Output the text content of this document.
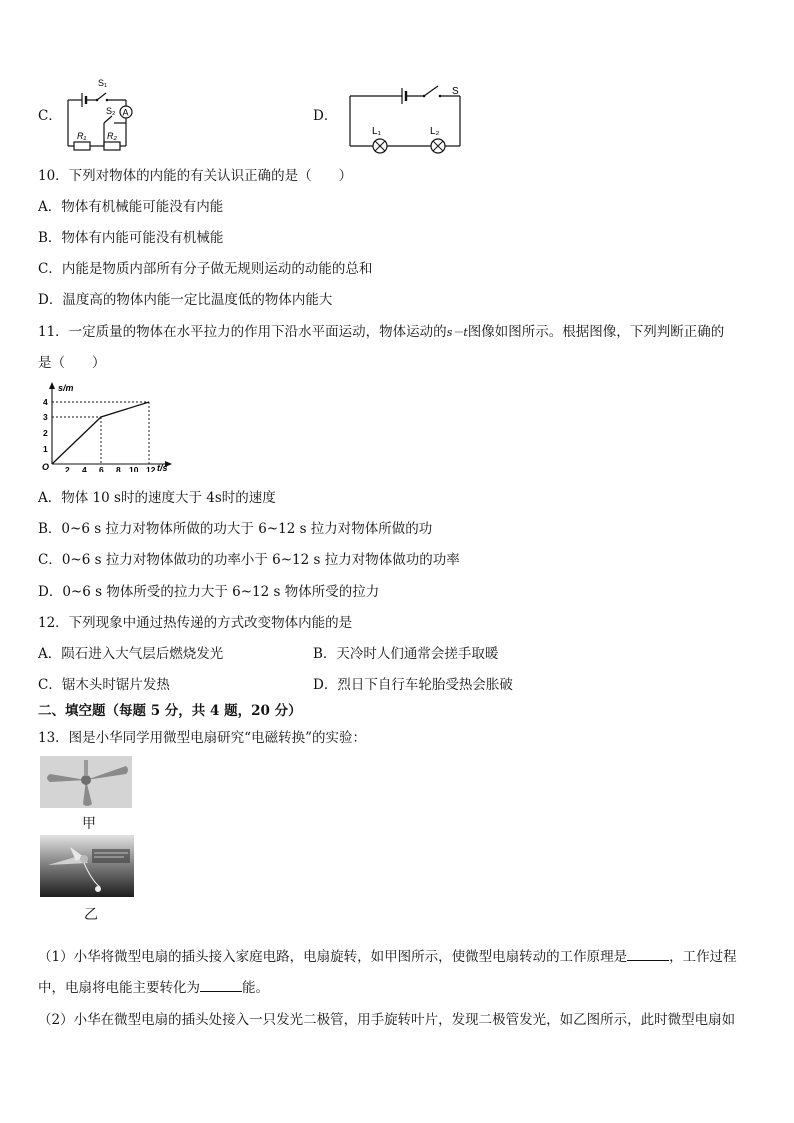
C．
S₁
A
S₂
R₁ R₂
D．
S
L₁	L₂
10．下列对物体的内能的有关认识正确的是（　　）
A．物体有机械能可能没有内能
B．物体有内能可能没有机械能
C．内能是物质内部所有分子做无规则运动的动能的总和
D．温度高的物体内能一定比温度低的物体内能大
11．一定质量的物体在水平拉力的作用下沿水平面运动，物体运动的s－t图像如图所示。根据图像，下列判断正确的
是（　　）
s/m
t/s
O 2 4 6 8 10 12
1
2
3
4
A．物体 10 s时的速度大于 4s时的速度
B．0~6 s 拉力对物体所做的功大于 6~12 s 拉力对物体所做的功
C．0~6 s 拉力对物体做功的功率小于 6~12 s 拉力对物体做功的功率
D．0~6 s 物体所受的拉力大于 6~12 s 物体所受的拉力
12．下列现象中通过热传递的方式改变物体内能的是
A．陨石进入大气层后燃烧发光	B．天冷时人们通常会搓手取暖
C．锯木头时锯片发热	D．烈日下自行车轮胎受热会胀破
二、填空题（每题 5 分，共 4 题，20 分）
13．图是小华同学用微型电扇研究“电磁转换”的实验：
甲
乙
（1）小华将微型电扇的插头接入家庭电路，电扇旋转，如甲图所示，使微型电扇转动的工作原理是	，工作过程
中，电扇将电能主要转化为	能。
（2）小华在微型电扇的插头处接入一只发光二极管，用手旋转叶片，发现二极管发光，如乙图所示，此时微型电扇如
